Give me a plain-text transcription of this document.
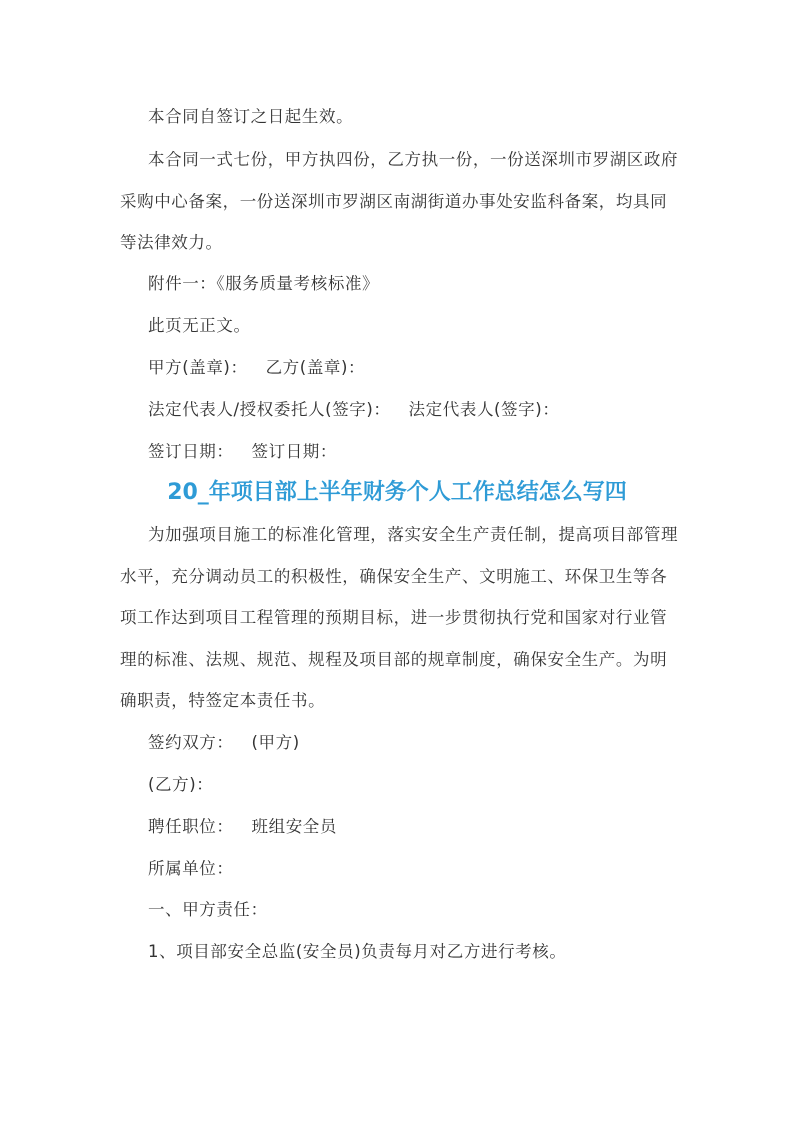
本合同自签订之日起生效。

本合同一式七份，甲方执四份，乙方执一份，一份送深圳市罗湖区政府采购中心备案，一份送深圳市罗湖区南湖街道办事处安监科备案，均具同等法律效力。

附件一：《服务质量考核标准》

此页无正文。

甲方(盖章)： 乙方(盖章)：

法定代表人/授权委托人(签字)： 法定代表人(签字)：

签订日期： 签订日期：

20_年项目部上半年财务个人工作总结怎么写四

为加强项目施工的标准化管理，落实安全生产责任制，提高项目部管理水平，充分调动员工的积极性，确保安全生产、文明施工、环保卫生等各项工作达到项目工程管理的预期目标，进一步贯彻执行党和国家对行业管理的标准、法规、规范、规程及项目部的规章制度，确保安全生产。为明确职责，特签定本责任书。

签约双方： (甲方)

(乙方)：

聘任职位： 班组安全员

所属单位：

一、甲方责任：

1、项目部安全总监(安全员)负责每月对乙方进行考核。
